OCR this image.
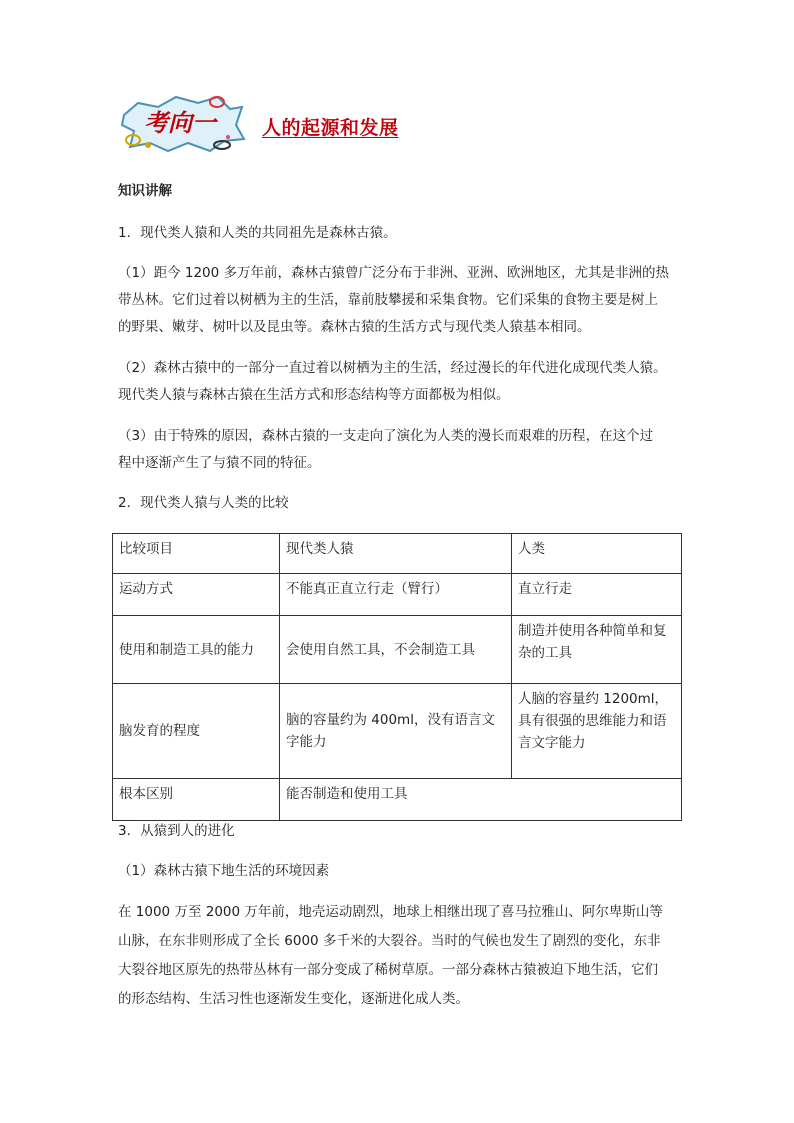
考向一 人的起源和发展

知识讲解

1．现代类人猿和人类的共同祖先是森林古猿。

（1）距今 1200 多万年前，森林古猿曾广泛分布于非洲、亚洲、欧洲地区，尤其是非洲的热

带丛林。它们过着以树栖为主的生活，靠前肢攀援和采集食物。它们采集的食物主要是树上

的野果、嫩芽、树叶以及昆虫等。森林古猿的生活方式与现代类人猿基本相同。

（2）森林古猿中的一部分一直过着以树栖为主的生活，经过漫长的年代进化成现代类人猿。

现代类人猿与森林古猿在生活方式和形态结构等方面都极为相似。

（3）由于特殊的原因，森林古猿的一支走向了演化为人类的漫长而艰难的历程，在这个过

程中逐渐产生了与猿不同的特征。

2．现代类人猿与人类的比较

比较项目	现代类人猿	人类
运动方式	不能真正直立行走（臂行）	直立行走
使用和制造工具的能力	会使用自然工具，不会制造工具	制造并使用各种简单和复杂的工具
脑发育的程度	脑的容量约为 400ml，没有语言文字能力	人脑的容量约 1200ml，具有很强的思维能力和语言文字能力
根本区别	能否制造和使用工具	

3．从猿到人的进化

（1）森林古猿下地生活的环境因素

在 1000 万至 2000 万年前，地壳运动剧烈，地球上相继出现了喜马拉雅山、阿尔卑斯山等

山脉，在东非则形成了全长 6000 多千米的大裂谷。当时的气候也发生了剧烈的变化，东非

大裂谷地区原先的热带丛林有一部分变成了稀树草原。一部分森林古猿被迫下地生活，它们

的形态结构、生活习性也逐渐发生变化，逐渐进化成人类。
